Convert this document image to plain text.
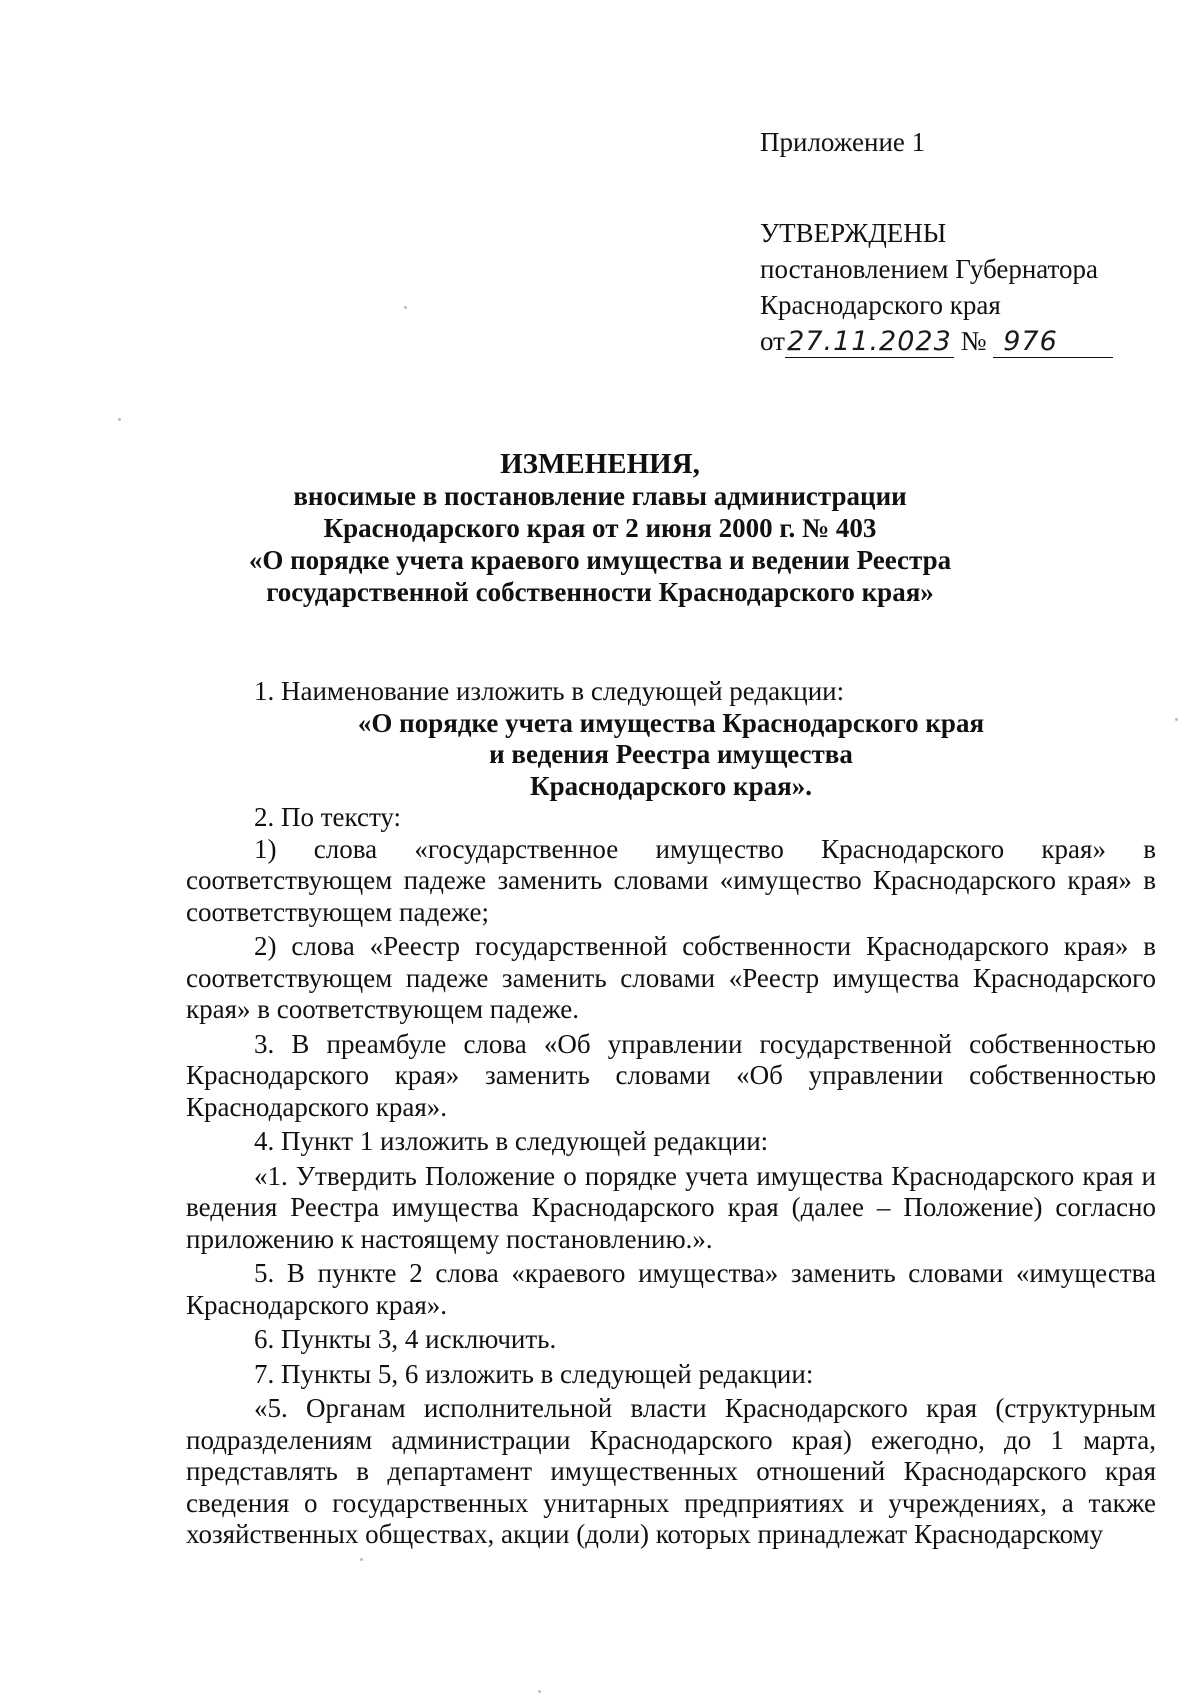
Приложение 1
УТВЕРЖДЕНЫ
постановлением Губернатора
Краснодарского края
от27.11.2023 № 976
ИЗМЕНЕНИЯ,
вносимые в постановление главы администрации
Краснодарского края от 2 июня 2000 г. № 403
«О порядке учета краевого имущества и ведении Реестра
государственной собственности Краснодарского края»
1. Наименование изложить в следующей редакции:
«О порядке учета имущества Краснодарского края
и ведения Реестра имущества
Краснодарского края».
2. По тексту:
1) слова «государственное имущество Краснодарского края» в соответствующем падеже заменить словами «имущество Краснодарского края» в соответствующем падеже;
2) слова «Реестр государственной собственности Краснодарского края» в соответствующем падеже заменить словами «Реестр имущества Краснодарского края» в соответствующем падеже.
3. В преамбуле слова «Об управлении государственной собственностью Краснодарского края» заменить словами «Об управлении собственностью Краснодарского края».
4. Пункт 1 изложить в следующей редакции:
«1. Утвердить Положение о порядке учета имущества Краснодарского края и ведения Реестра имущества Краснодарского края (далее – Положение) согласно приложению к настоящему постановлению.».
5. В пункте 2 слова «краевого имущества» заменить словами «имущества Краснодарского края».
6. Пункты 3, 4 исключить.
7. Пункты 5, 6 изложить в следующей редакции:
«5. Органам исполнительной власти Краснодарского края (структурным подразделениям администрации Краснодарского края) ежегодно, до 1 марта, представлять в департамент имущественных отношений Краснодарского края сведения о государственных унитарных предприятиях и учреждениях, а также хозяйственных обществах, акции (доли) которых принадлежат Краснодарскому
